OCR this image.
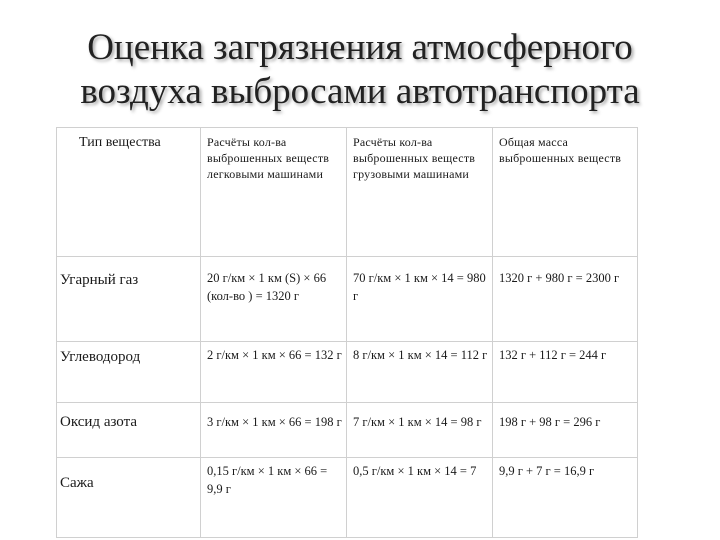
Оценка загрязнения атмосферного
воздуха выбросами автотранспорта
Тип вещества	Расчёты кол-ва выброшенных веществ легковыми машинами	Расчёты кол-ва выброшенных веществ грузовыми машинами	Общая масса выброшенных веществ
Угарный газ	20 г/км × 1 км (S) × 66 (кол-во ) = 1320 г	70 г/км × 1 км × 14 = 980 г	1320 г + 980 г = 2300 г
Углеводород	2 г/км × 1 км × 66 = 132 г	8 г/км × 1 км × 14 = 112 г	132 г + 112 г = 244 г
Оксид азота	3 г/км × 1 км × 66 = 198 г	7 г/км × 1 км × 14 = 98 г	198 г + 98 г = 296 г
Сажа	0,15 г/км × 1 км × 66 = 9,9 г	0,5 г/км × 1 км × 14 = 7	9,9 г + 7 г = 16,9 г
